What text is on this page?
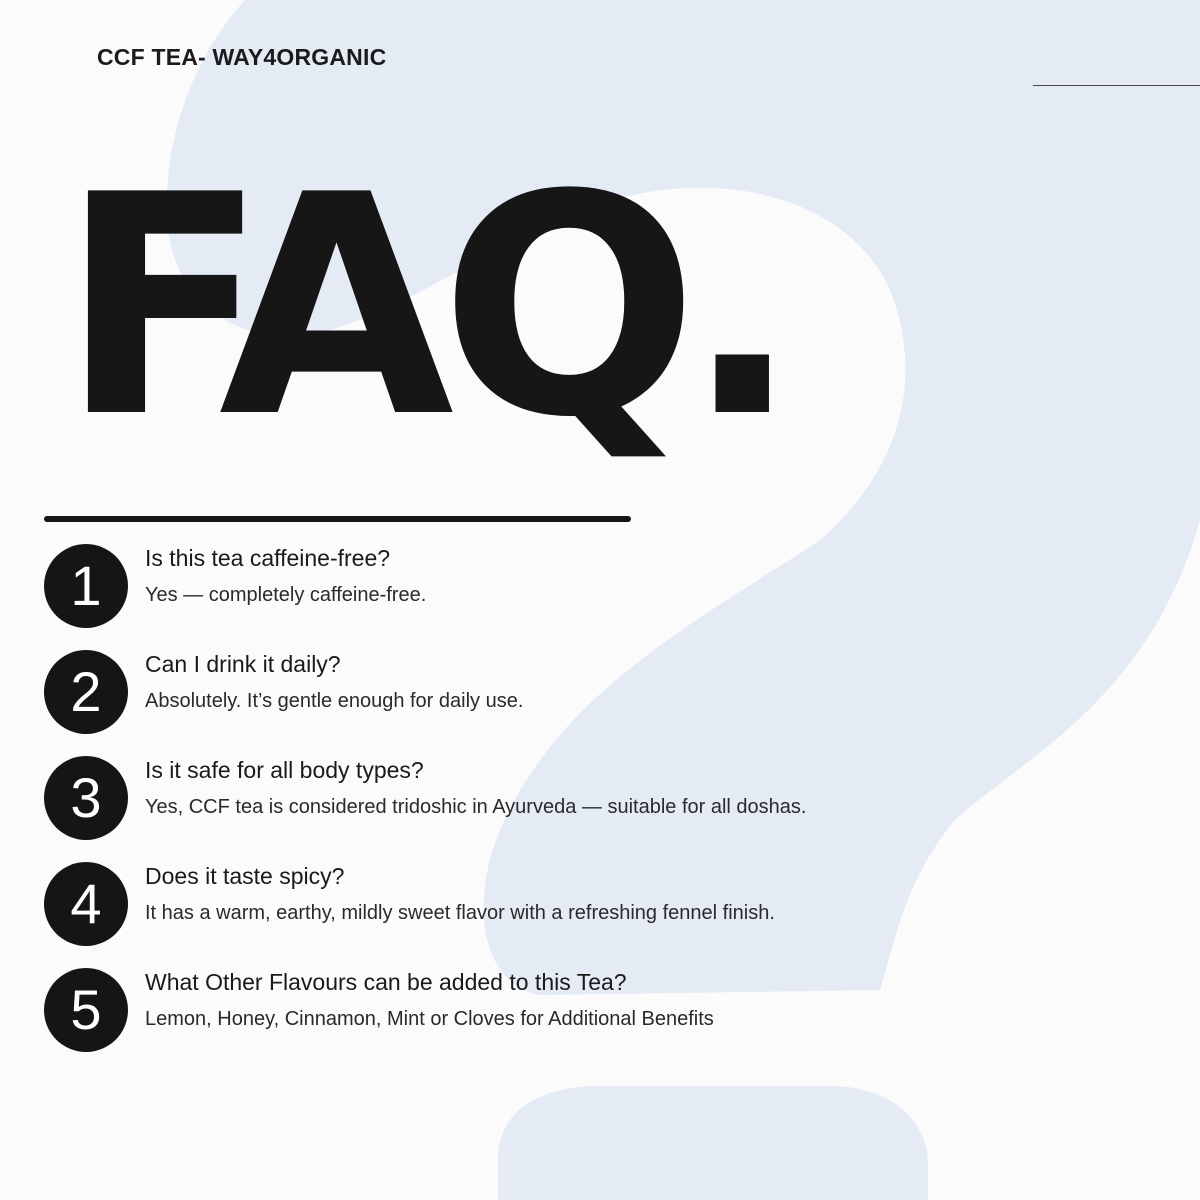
CCF TEA- WAY4ORGANIC
FAQ.
1	Is this tea caffeine-free?
Yes — completely caffeine-free.
2	Can I drink it daily?
Absolutely. It’s gentle enough for daily use.
3	Is it safe for all body types?
Yes, CCF tea is considered tridoshic in Ayurveda — suitable for all doshas.
4	Does it taste spicy?
It has a warm, earthy, mildly sweet flavor with a refreshing fennel finish.
5	What Other Flavours can be added to this Tea?
Lemon, Honey, Cinnamon, Mint or Cloves for Additional Benefits
